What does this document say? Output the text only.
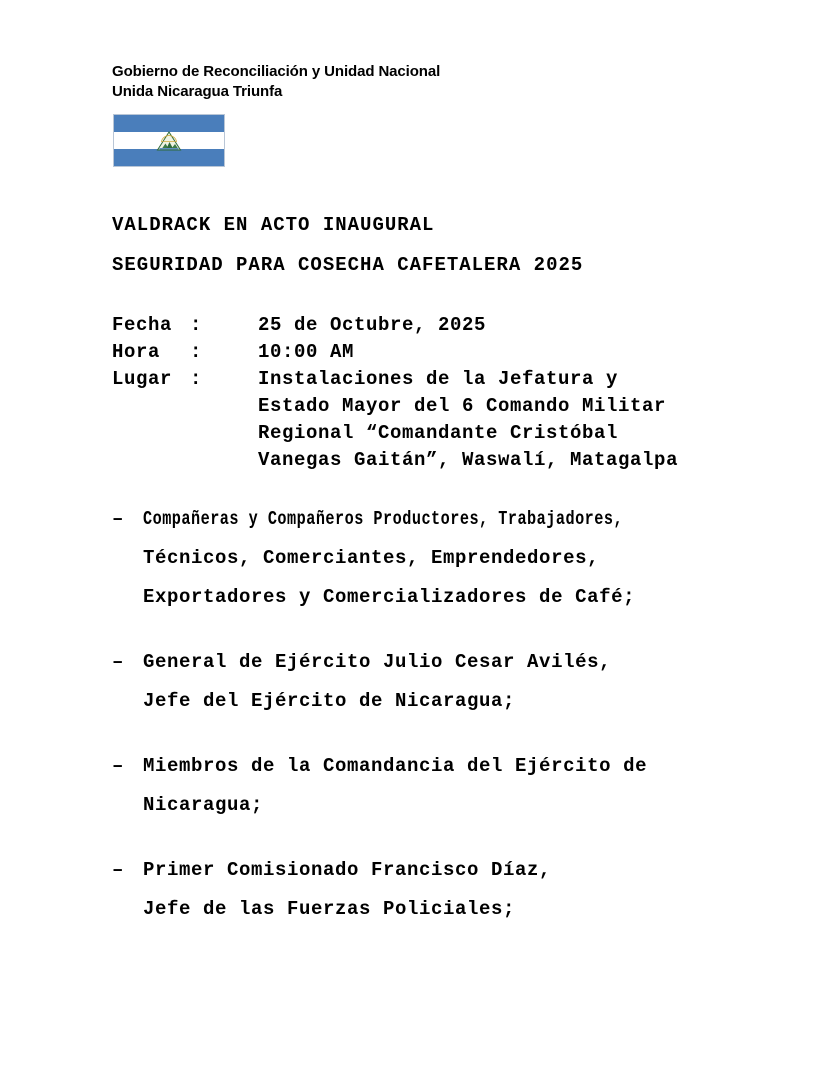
Gobierno de Reconciliación y Unidad Nacional
Unida Nicaragua Triunfa
VALDRACK EN ACTO INAUGURAL
SEGURIDAD PARA COSECHA CAFETALERA 2025
Fecha :	25 de Octubre, 2025
Hora	:	10:00 AM
Lugar :	Instalaciones de la Jefatura y
Estado Mayor del 6 Comando Militar
Regional “Comandante Cristóbal
Vanegas Gaitán”, Waswalí, Matagalpa
– Compañeras y Compañeros Productores, Trabajadores,
Técnicos, Comerciantes, Emprendedores,
Exportadores y Comercializadores de Café;
– General de Ejército Julio Cesar Avilés,
Jefe del Ejército de Nicaragua;
– Miembros de la Comandancia del Ejército de
Nicaragua;
– Primer Comisionado Francisco Díaz,
Jefe de las Fuerzas Policiales;
